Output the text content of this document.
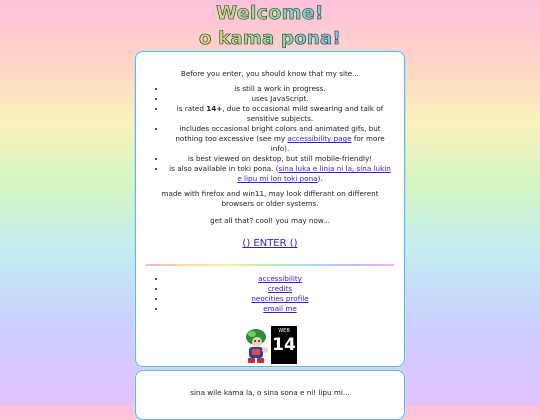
Welcome!
o kama pona!

Before you enter, you should know that my site...

• is still a work in progress.
• uses JavaScript.
• is rated 14+, due to occasional mild swearing and talk of sensitive subjects.
• includes occasional bright colors and animated gifs, but nothing too excessive (see my accessibility page for more info).
• is best viewed on desktop, but still mobile-friendly!
• is also available in toki pona. (sina luka e linja ni la, sina lukin e lipu mi lon toki pona).

made with firefox and win11, may look differant on different browsers or older systems.

get all that? cool! you may now...

() ENTER ()
• accessibility
• credits
• neocities profile
• email me
WEB
14

sina wile kama la, o sina sona e ni! lipu mi...
